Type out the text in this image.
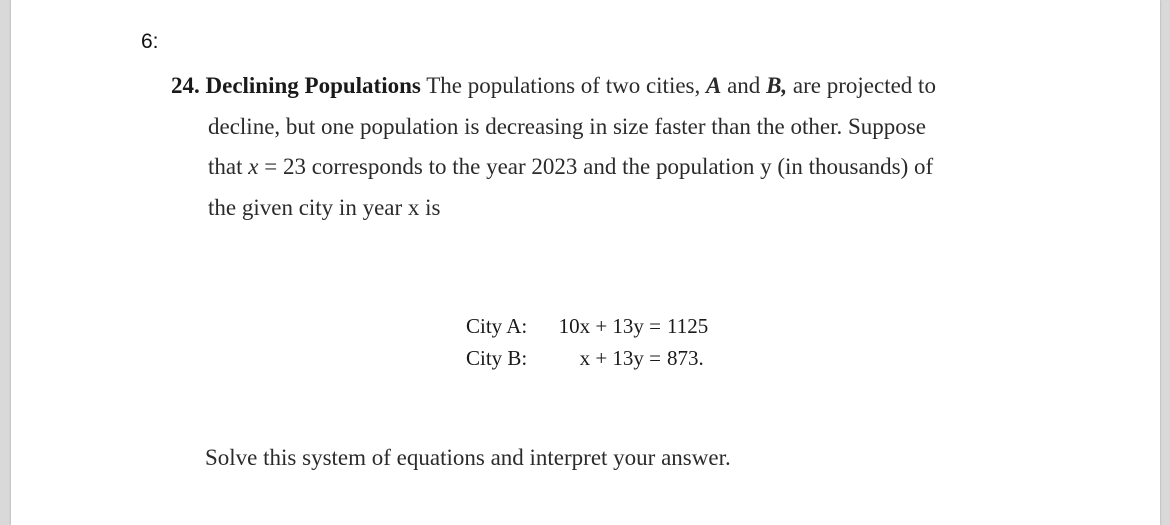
6:
24. Declining Populations The populations of two cities, A and B, are projected to
decline, but one population is decreasing in size faster than the other. Suppose
that x = 23 corresponds to the year 2023 and the population y (in thousands) of
the given city in year x is
City A:	10x + 13y = 1125
City B:	x + 13y = 873.
Solve this system of equations and interpret your answer.
